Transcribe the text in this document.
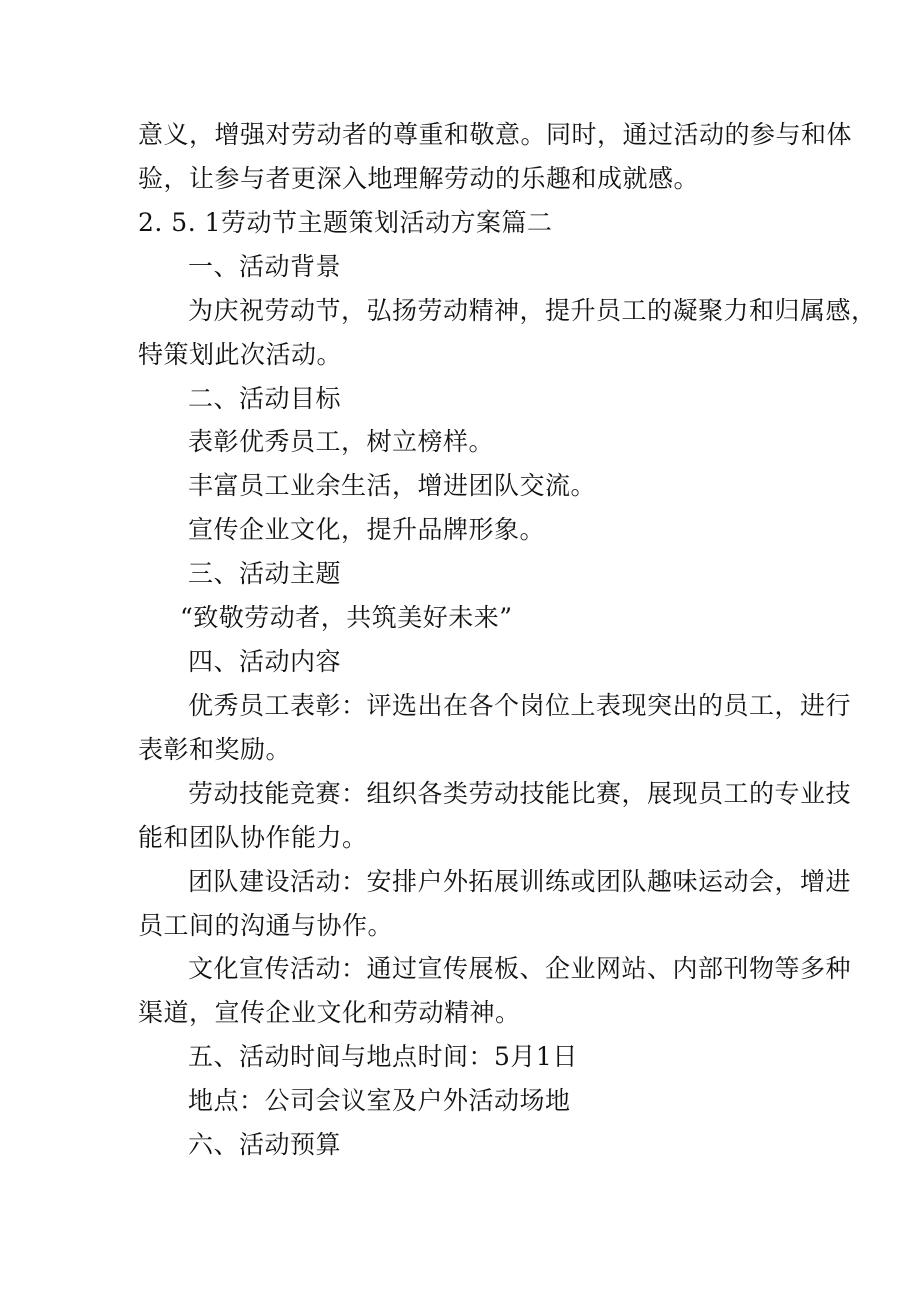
意义，增强对劳动者的尊重和敬意。同时，通过活动的参与和体
验，让参与者更深入地理解劳动的乐趣和成就感。
2. 5. 1劳动节主题策划活动方案篇二
一、活动背景
为庆祝劳动节，弘扬劳动精神，提升员工的凝聚力和归属感，
特策划此次活动。
二、活动目标
表彰优秀员工，树立榜样。
丰富员工业余生活，增进团队交流。
宣传企业文化，提升品牌形象。
三、活动主题
“致敬劳动者，共筑美好未来”
四、活动内容
优秀员工表彰：评选出在各个岗位上表现突出的员工，进行
表彰和奖励。
劳动技能竞赛：组织各类劳动技能比赛，展现员工的专业技
能和团队协作能力。
团队建设活动：安排户外拓展训练或团队趣味运动会，增进
员工间的沟通与协作。
文化宣传活动：通过宣传展板、企业网站、内部刊物等多种
渠道，宣传企业文化和劳动精神。
五、活动时间与地点时间：5月1日
地点：公司会议室及户外活动场地
六、活动预算
